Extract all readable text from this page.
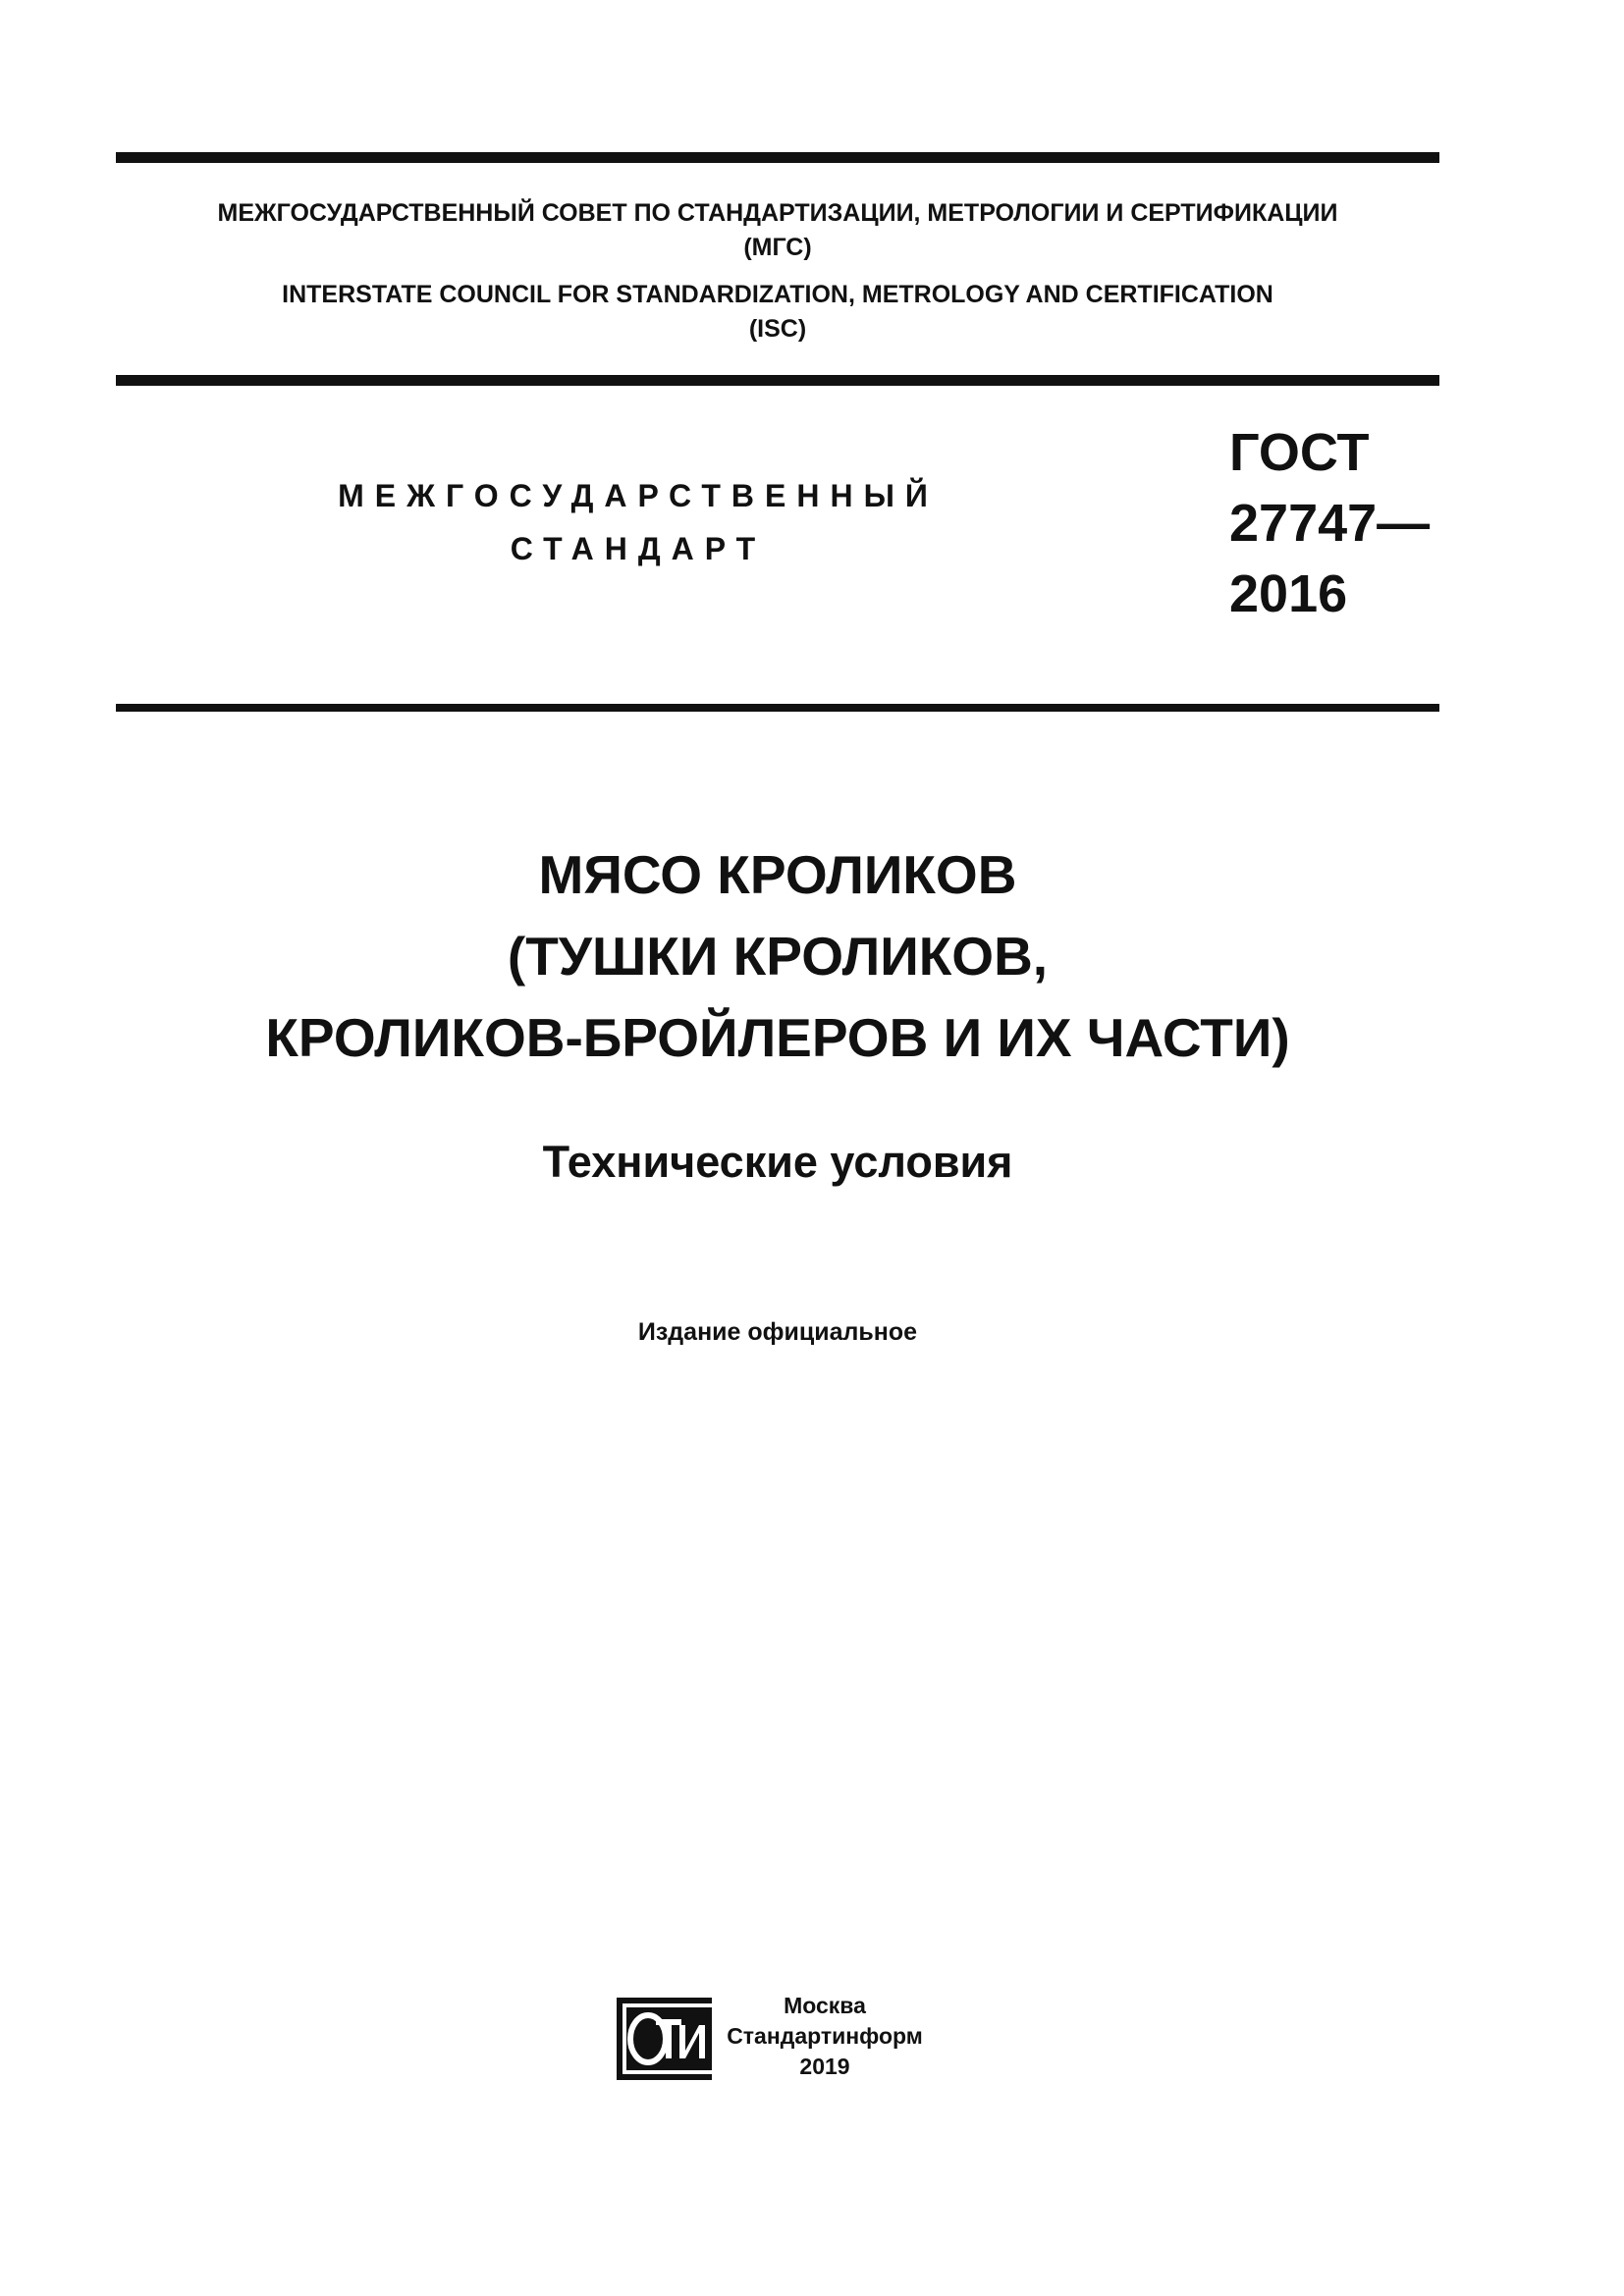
МЕЖГОСУДАРСТВЕННЫЙ СОВЕТ ПО СТАНДАРТИЗАЦИИ, МЕТРОЛОГИИ И СЕРТИФИКАЦИИ
(МГС)
INTERSTATE COUNCIL FOR STANDARDIZATION, METROLOGY AND CERTIFICATION
(ISC)
МЕЖГОСУДАРСТВЕННЫЙ
СТАНДАРТ
ГОСТ
27747—
2016
МЯСО КРОЛИКОВ
(ТУШКИ КРОЛИКОВ,
КРОЛИКОВ-БРОЙЛЕРОВ И ИХ ЧАСТИ)
Технические условия
Издание официальное
Москва
Стандартинформ
2019
